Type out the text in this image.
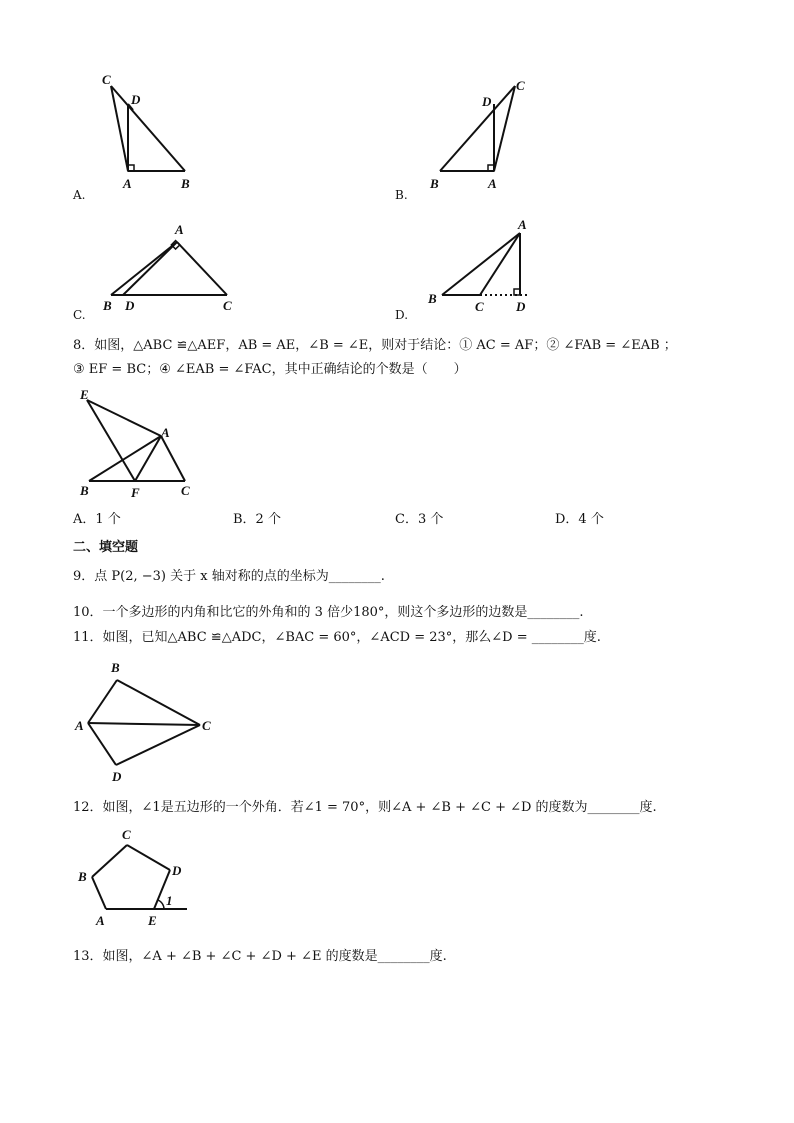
C
D
A	B
A.
D
C
B	A
B.
A
B D	C
C.
A
B
C D
D.
8．如图，△ABC ≌△AEF，AB = AE，∠B = ∠E，则对于结论：① AC = AF；② ∠FAB = ∠EAB ；
③ EF = BC；④ ∠EAB = ∠FAC，其中正确结论的个数是（　　）
E
A
B	F	C
A．1 个	B．2 个	C．3 个	D．4 个
二、填空题
9．点 P(2, −3) 关于 x 轴对称的点的坐标为________.
10．一个多边形的内角和比它的外角和的 3 倍少180°，则这个多边形的边数是________.
11．如图，已知△ABC ≌△ADC，∠BAC = 60°，∠ACD = 23°，那么∠D = ________度.
B
A	C
D
12．如图，∠1是五边形的一个外角．若∠1 = 70°，则∠A + ∠B + ∠C + ∠D 的度数为________度.
C
B	D
A	E
1
13．如图，∠A + ∠B + ∠C + ∠D + ∠E 的度数是________度.
